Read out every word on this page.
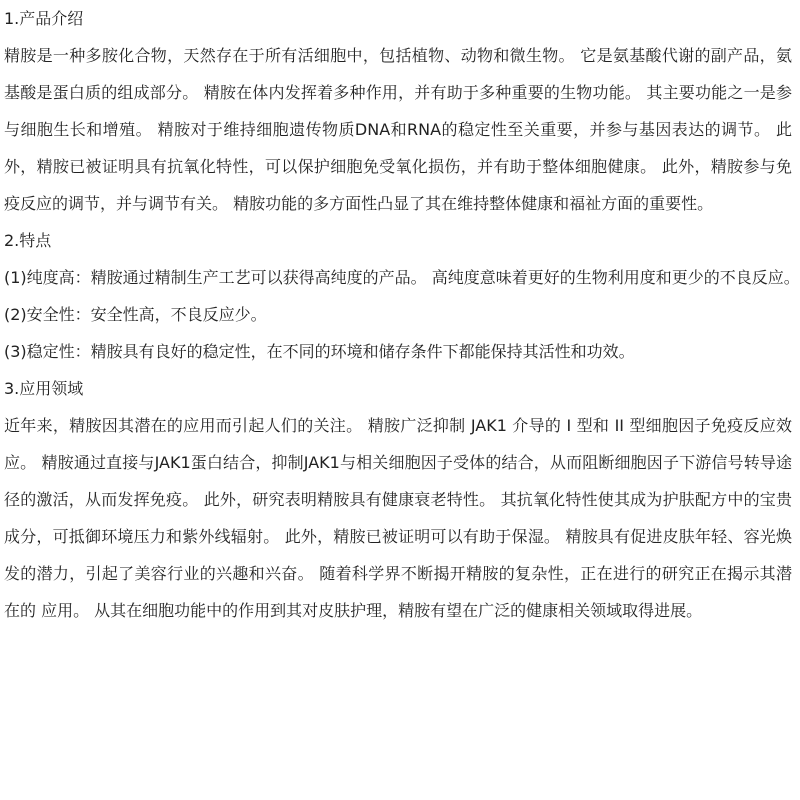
1.产品介绍

精胺是一种多胺化合物，天然存在于所有活细胞中，包括植物、动物和微生物。 它是氨基酸代谢的副产品，氨基酸是蛋白质的组成部分。 精胺在体内发挥着多种作用，并有助于多种重要的生物功能。 其主要功能之一是参与细胞生长和增殖。 精胺对于维持细胞遗传物质DNA和RNA的稳定性至关重要，并参与基因表达的调节。 此外，精胺已被证明具有抗氧化特性，可以保护细胞免受氧化损伤，并有助于整体细胞健康。 此外，精胺参与免疫反应的调节，并与调节有关。 精胺功能的多方面性凸显了其在维持整体健康和福祉方面的重要性。

2.特点
(1)纯度高：精胺通过精制生产工艺可以获得高纯度的产品。 高纯度意味着更好的生物利用度和更少的不良反应。
(2)安全性：安全性高，不良反应少。
(3)稳定性：精胺具有良好的稳定性，在不同的环境和储存条件下都能保持其活性和功效。
3.应用领域

近年来，精胺因其潜在的应用而引起人们的关注。 精胺广泛抑制 JAK1 介导的 I 型和 II 型细胞因子免疫反应效应。 精胺通过直接与JAK1蛋白结合，抑制JAK1与相关细胞因子受体的结合，从而阻断细胞因子下游信号转导途径的激活，从而发挥免疫。 此外，研究表明精胺具有健康衰老特性。 其抗氧化特性使其成为护肤配方中的宝贵成分，可抵御环境压力和紫外线辐射。 此外，精胺已被证明可以有助于保湿。 精胺具有促进皮肤年轻、容光焕发的潜力，引起了美容行业的兴趣和兴奋。 随着科学界不断揭开精胺的复杂性，正在进行的研究正在揭示其潜在的 应用。 从其在细胞功能中的作用到其对皮肤护理，精胺有望在广泛的健康相关领域取得进展。
